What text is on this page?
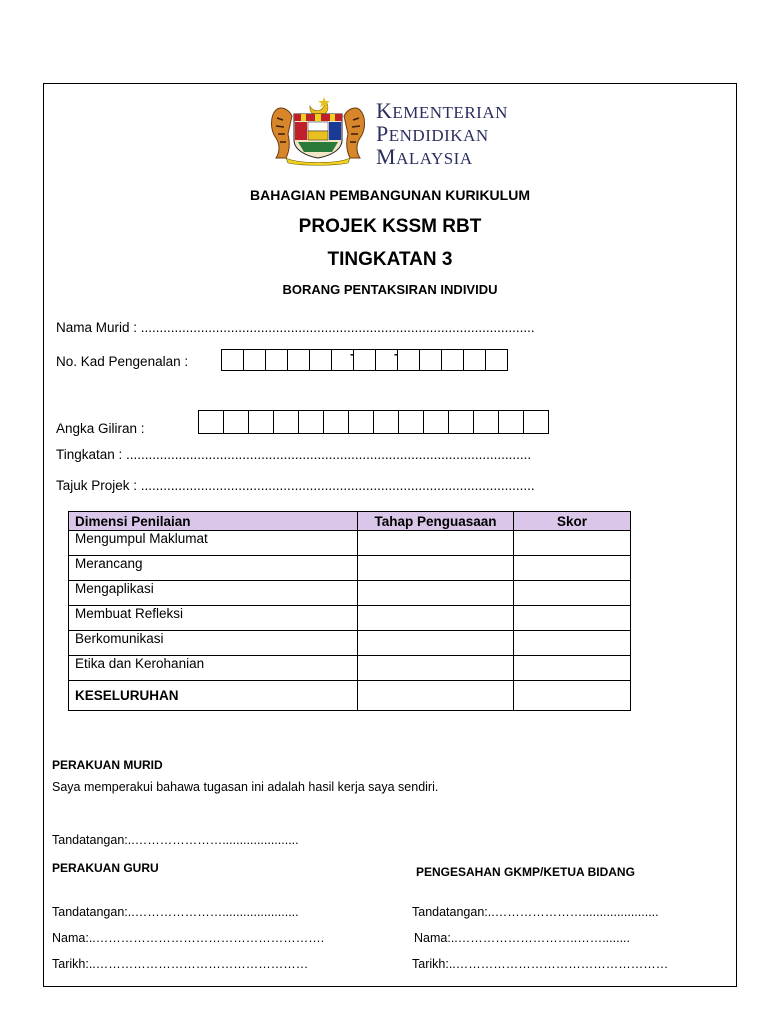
KEMENTERIAN
PENDIDIKAN
MALAYSIA
BAHAGIAN PEMBANGUNAN KURIKULUM
PROJEK KSSM RBT
TINGKATAN 3
BORANG PENTAKSIRAN INDIVIDU
Nama Murid : .........................................................................................................
No. Kad Pengenalan :	-	-
Angka Giliran :
Tingkatan : ............................................................................................................
Tajuk Projek : .........................................................................................................
Dimensi Penilaian	Tahap Penguasaan	Skor
Mengumpul Maklumat		
Merancang		
Mengaplikasi		
Membuat Refleksi		
Berkomunikasi		
Etika dan Kerohanian		
KESELURUHAN		
PERAKUAN MURID
Saya memperakui bahawa tugasan ini adalah hasil kerja saya sendiri.
Tandatangan:..…………………......................
PERAKUAN GURU	PENGESAHAN GKMP/KETUA BIDANG
Tandatangan:..…………………......................	Tandatangan:..…………………......................
Nama:..……………………………………………….	Nama:..………………………..……........
Tarikh:..……………………………………………	Tarikh:..……………………………………………
